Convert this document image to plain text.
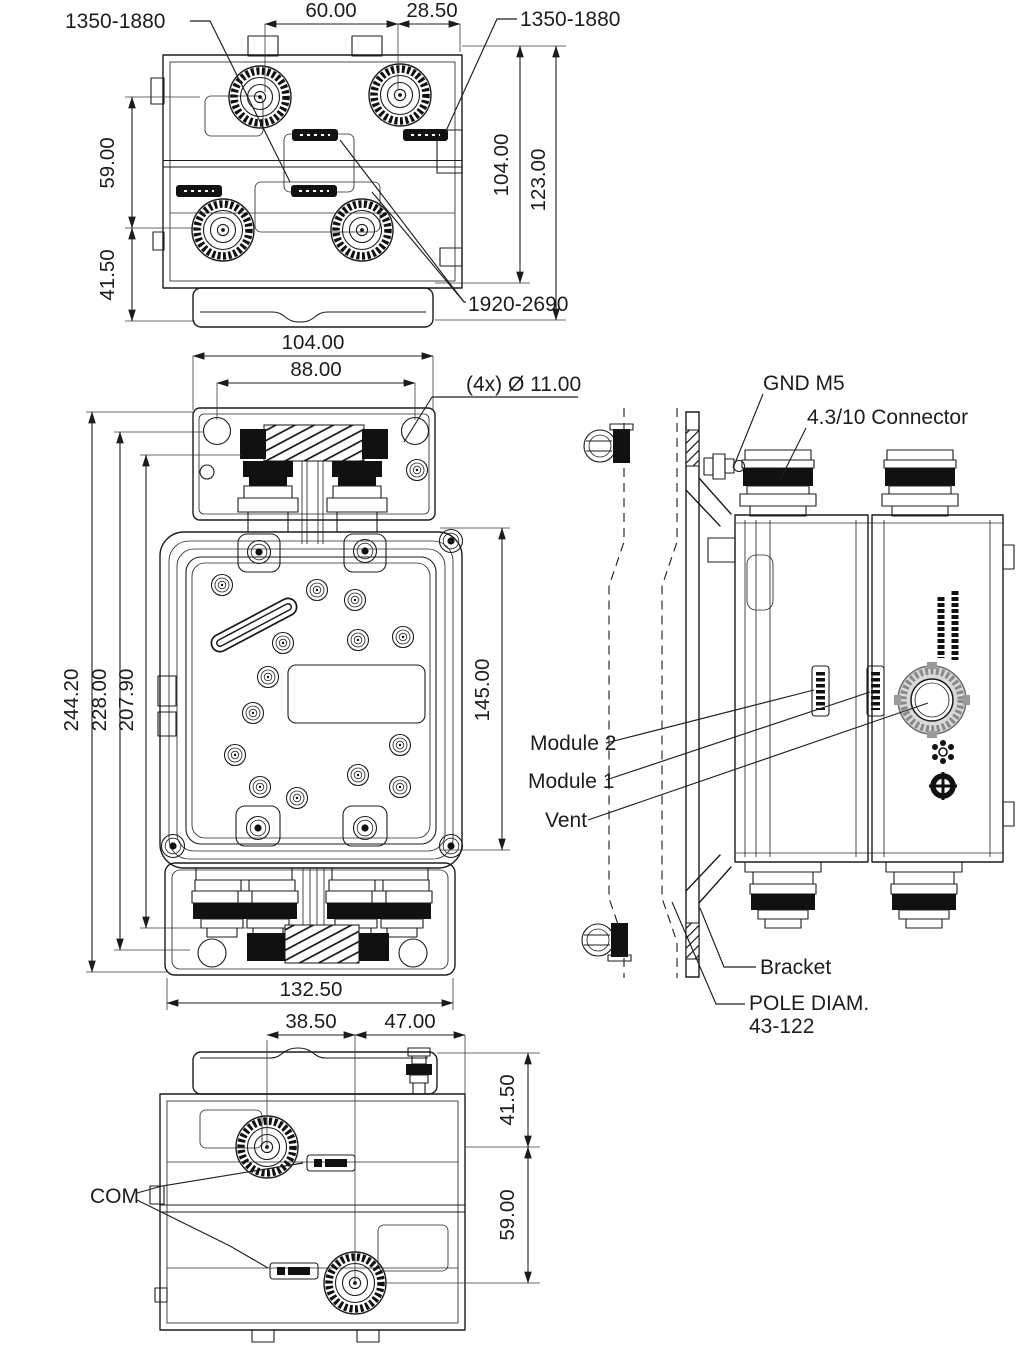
60.00 28.50
59.00
41.50
104.00 123.00
1350-1880	1350-1880
1920-2690
104.00
88.00
(4x) Ø 11.00
244.20 228.00 207.90	145.00
132.50
GND M5
4.3/10 Connector
Module 2
Module 1
Vent
Bracket
POLE DIAM.
43-122
38.50 47.00
41.50
59.00
COM
